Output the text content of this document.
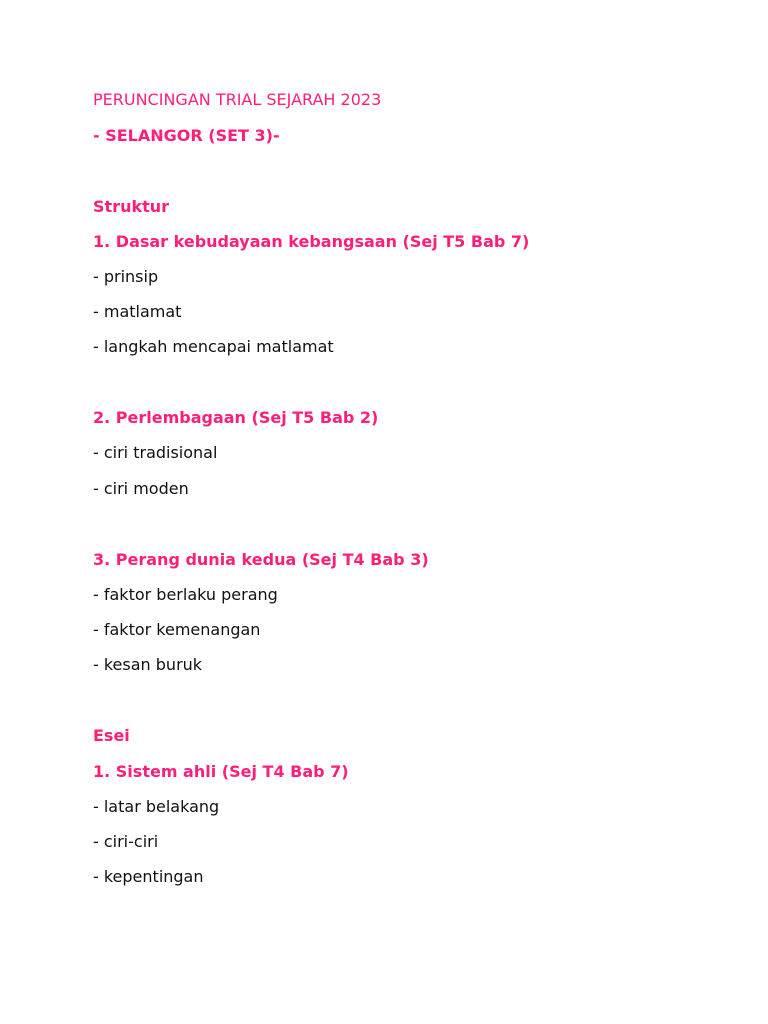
PERUNCINGAN TRIAL SEJARAH 2023
- SELANGOR (SET 3)-
Struktur
1. Dasar kebudayaan kebangsaan (Sej T5 Bab 7)
- prinsip
- matlamat
- langkah mencapai matlamat
2. Perlembagaan (Sej T5 Bab 2)
- ciri tradisional
- ciri moden
3. Perang dunia kedua (Sej T4 Bab 3)
- faktor berlaku perang
- faktor kemenangan
- kesan buruk
Esei
1. Sistem ahli (Sej T4 Bab 7)
- latar belakang
- ciri-ciri
- kepentingan
